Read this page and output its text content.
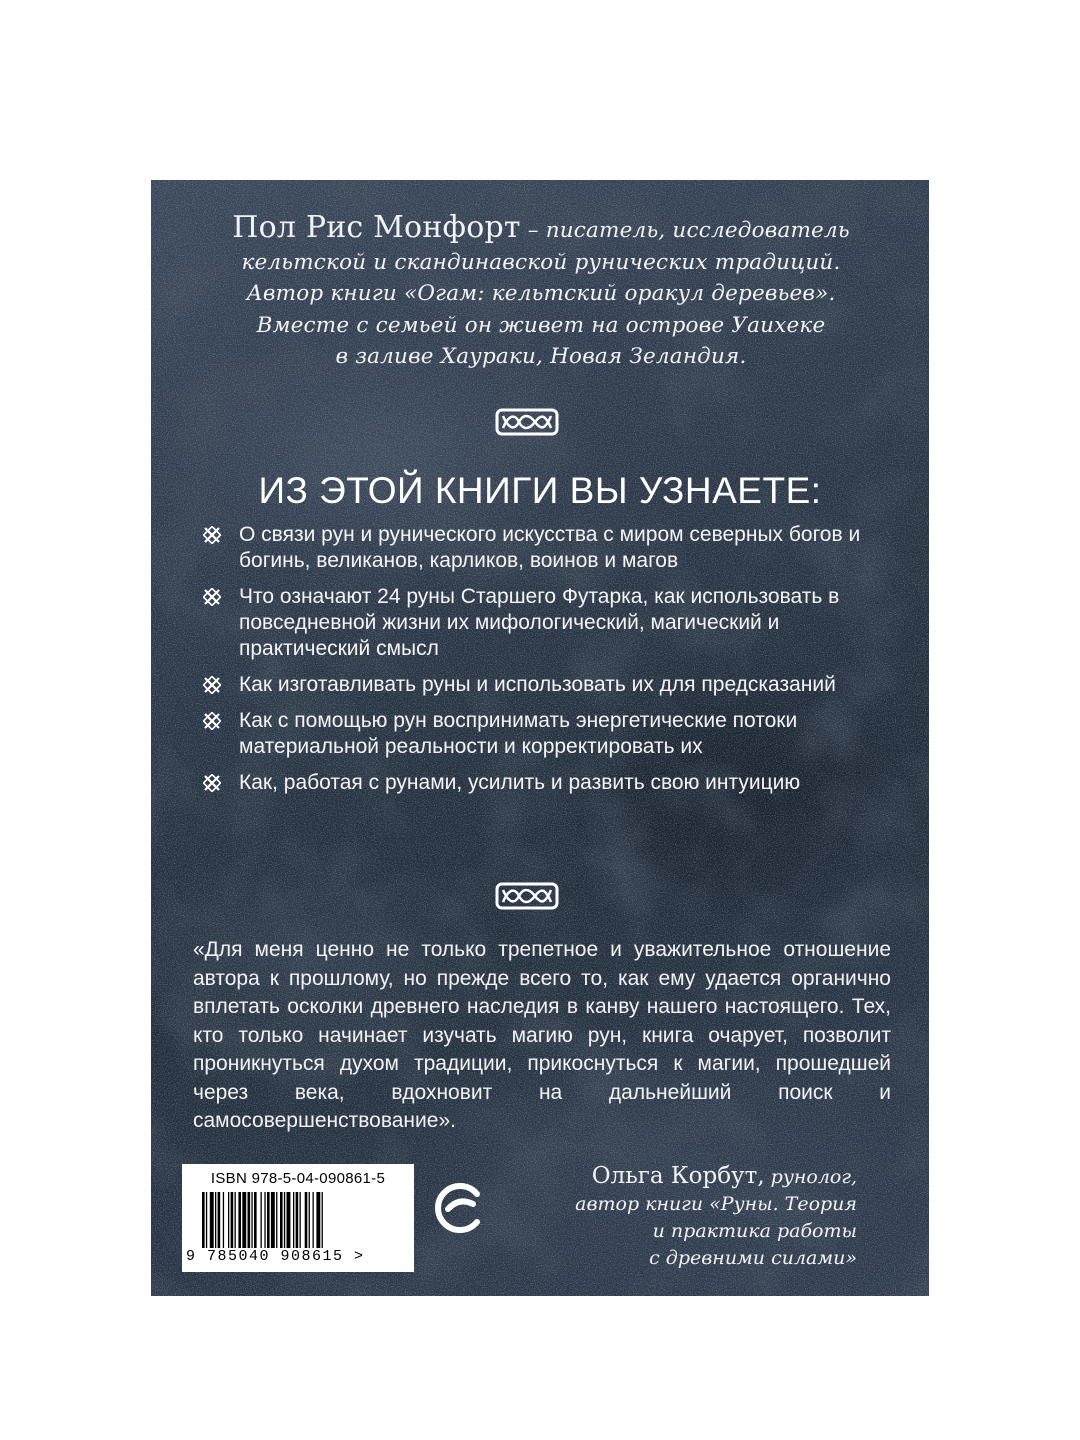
Пол Рис Монфорт – писатель, исследователь
кельтской и скандинавской рунических традиций.
Автор книги «Огам: кельтский оракул деревьев».
Вместе с семьей он живет на острове Уаихеке
в заливе Хаураки, Новая Зеландия.
ИЗ ЭТОЙ КНИГИ ВЫ УЗНАЕТЕ:
О связи рун и рунического искусства с миром северных богов и богинь, великанов, карликов, воинов и магов
Что означают 24 руны Старшего Футарка, как использовать в повседневной жизни их мифологический, магический и практический смысл
Как изготавливать руны и использовать их для предсказаний
Как с помощью рун воспринимать энергетические потоки материальной реальности и корректировать их
Как, работая с рунами, усилить и развить свою интуицию
«Для меня ценно не только трепетное и уважительное отношение автора к прошлому, но прежде всего то, как ему удается органично вплетать осколки древнего наследия в канву нашего настоящего. Тех, кто только начинает изучать магию рун, книга очарует, позволит проникнуться духом традиции, прикоснуться к магии, прошедшей через века, вдохновит на дальнейший поиск и самосовершенствование».
ISBN 978-5-04-090861-5
9 785040 908615 >
Ольга Корбут, рунолог,
автор книги «Руны. Теория
и практика работы
с древними силами»
